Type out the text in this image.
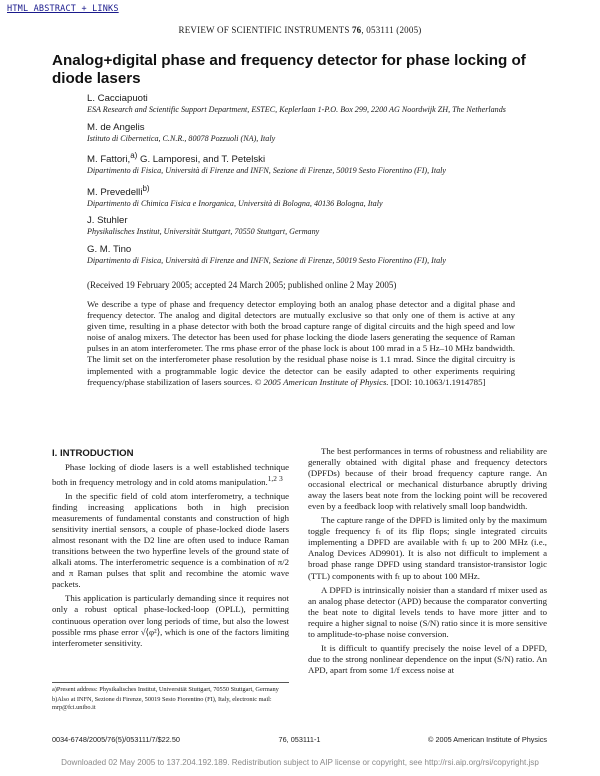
HTML ABSTRACT + LINKS
REVIEW OF SCIENTIFIC INSTRUMENTS 76, 053111 (2005)
Analog+digital phase and frequency detector for phase locking of diode lasers
L. Cacciapuoti
ESA Research and Scientific Support Department, ESTEC, Keplerlaan 1-P.O. Box 299, 2200 AG Noordwijk ZH, The Netherlands
M. de Angelis
Istituto di Cibernetica, C.N.R., 80078 Pozzuoli (NA), Italy
M. Fattori,$^{a)}$ G. Lamporesi, and T. Petelski
Dipartimento di Fisica, Università di Firenze and INFN, Sezione di Firenze, 50019 Sesto Fiorentino (FI), Italy
M. Prevedelli$^{b)}$
Dipartimento di Chimica Fisica e Inorganica, Università di Bologna, 40136 Bologna, Italy
J. Stuhler
Physikalisches Institut, Universität Stuttgart, 70550 Stuttgart, Germany
G. M. Tino
Dipartimento di Fisica, Università di Firenze and INFN, Sezione di Firenze, 50019 Sesto Fiorentino (FI), Italy
(Received 19 February 2005; accepted 24 March 2005; published online 2 May 2005)
We describe a type of phase and frequency detector employing both an analog phase detector and a digital phase and frequency detector. The analog and digital detectors are mutually exclusive so that only one of them is active at any given time, resulting in a phase detector with both the broad capture range of digital circuits and the high speed and low noise of analog mixers. The detector has been used for phase locking the diode lasers generating the sequence of Raman pulses in an atom interferometer. The rms phase error of the phase lock is about 100 mrad in a 5 Hz–10 MHz bandwidth. The limit set on the interferometer phase resolution by the residual phase noise is 1.1 mrad. Since the digital circuitry is implemented with a programmable logic device the detector can be easily adapted to other experiments requiring frequency/phase stabilization of lasers sources. © 2005 American Institute of Physics. [DOI: 10.1063/1.1914785]
I. INTRODUCTION

Phase locking of diode lasers is a well established technique both in frequency metrology and in cold atoms manipulation.$^{1,2}$ $^3$

In the specific field of cold atom interferometry, a technique finding increasing applications both in high precision measurements of fundamental constants and construction of high sensitivity inertial sensors, a couple of phase-locked diode lasers almost resonant with the D2 line are often used to induce Raman transitions between the two hyperfine levels of the ground state of alkali atoms. The interferometric sequence is a combination of π/2 and π Raman pulses that split and recombine the atomic wave packets.

This application is particularly demanding since it requires not only a robust optical phase-locked-loop (OPLL), permitting continuous operation over long periods of time, but also the lowest possible rms phase error √⟨φ²⟩, which is one of the factors limiting interferometer sensitivity.

a)Present address: Physikalisches Institut, Universität Stuttgart, 70550 Stuttgart, Germany

b)Also at INFN, Sezione di Firenze, 50019 Sesto Fiorentino (FI), Italy, electronic mail: mrp@fci.unibo.it

The best performances in terms of robustness and reliability are generally obtained with digital phase and frequency detectors (DPFDs) because of their broad frequency capture range. An occasional electrical or mechanical disturbance abruptly driving away the lasers beat note from the locking point will be recovered even by a feedback loop with relatively small loop bandwidth.

The capture range of the DPFD is limited only by the maximum toggle frequency fₜ of its flip flops; single integrated circuits implementing a DPFD are available with fₜ up to 200 MHz (i.e., Analog Devices AD9901). It is also not difficult to implement a broad phase range DPFD using standard transistor-transistor logic (TTL) components with fₜ up to about 100 MHz.

A DPFD is intrinsically noisier than a standard rf mixer used as an analog phase detector (APD) because the comparator converting the beat note to digital levels tends to have more jitter and to require a higher signal to noise (S/N) ratio since it is more sensitive to amplitude-to-phase noise conversion.

It is difficult to quantify precisely the noise level of a DPFD, due to the strong nonlinear dependence on the input (S/N) ratio. An APD, apart from some 1/f excess noise at

0034-6748/2005/76(5)/053111/7/$22.50	76, 053111-1	© 2005 American Institute of Physics
Downloaded 02 May 2005 to 137.204.192.189. Redistribution subject to AIP license or copyright, see http://rsi.aip.org/rsi/copyright.jsp
